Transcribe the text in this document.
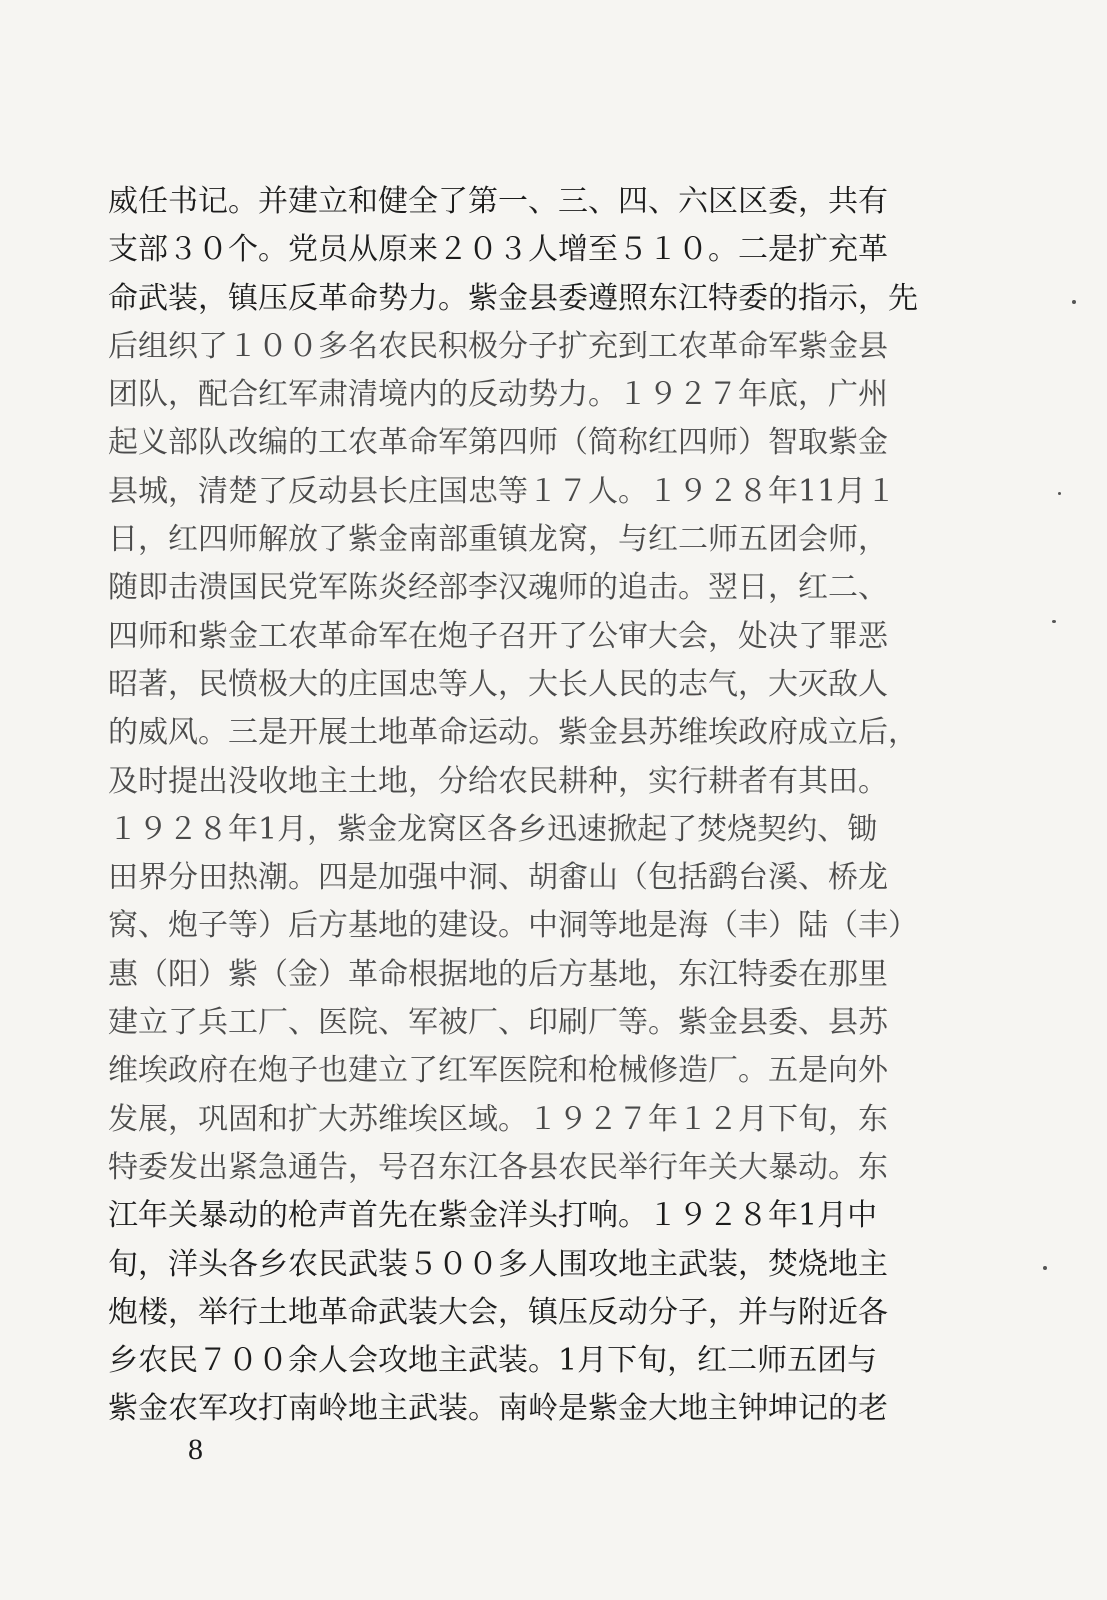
威任书记。并建立和健全了第一、三、四、六区区委，共有
支部３０个。党员从原来２０３人增至５１０。二是扩充革
命武装，镇压反革命势力。紫金县委遵照东江特委的指示，先
后组织了１００多名农民积极分子扩充到工农革命军紫金县
团队，配合红军肃清境内的反动势力。１９２７年底，广州
起义部队改编的工农革命军第四师（简称红四师）智取紫金
县城，清楚了反动县长庄国忠等１７人。１９２８年11月１
日，红四师解放了紫金南部重镇龙窝，与红二师五团会师，
随即击溃国民党军陈炎经部李汉魂师的追击。翌日，红二、
四师和紫金工农革命军在炮子召开了公审大会，处决了罪恶
昭著，民愤极大的庄国忠等人，大长人民的志气，大灭敌人
的威风。三是开展土地革命运动。紫金县苏维埃政府成立后，
及时提出没收地主土地，分给农民耕种，实行耕者有其田。
１９２８年1月，紫金龙窝区各乡迅速掀起了焚烧契约、锄
田界分田热潮。四是加强中洞、胡畬山（包括鹞台溪、桥龙
窝、炮子等）后方基地的建设。中洞等地是海（丰）陆（丰）
惠（阳）紫（金）革命根据地的后方基地，东江特委在那里
建立了兵工厂、医院、军被厂、印刷厂等。紫金县委、县苏
维埃政府在炮子也建立了红军医院和枪械修造厂。五是向外
发展，巩固和扩大苏维埃区域。１９２７年１２月下旬，东
特委发出紧急通告，号召东江各县农民举行年关大暴动。东
江年关暴动的枪声首先在紫金洋头打响。１９２８年1月中
旬，洋头各乡农民武装５００多人围攻地主武装，焚烧地主
炮楼，举行土地革命武装大会，镇压反动分子，并与附近各
乡农民７００余人会攻地主武装。1月下旬，红二师五团与
紫金农军攻打南岭地主武装。南岭是紫金大地主钟坤记的老
8
